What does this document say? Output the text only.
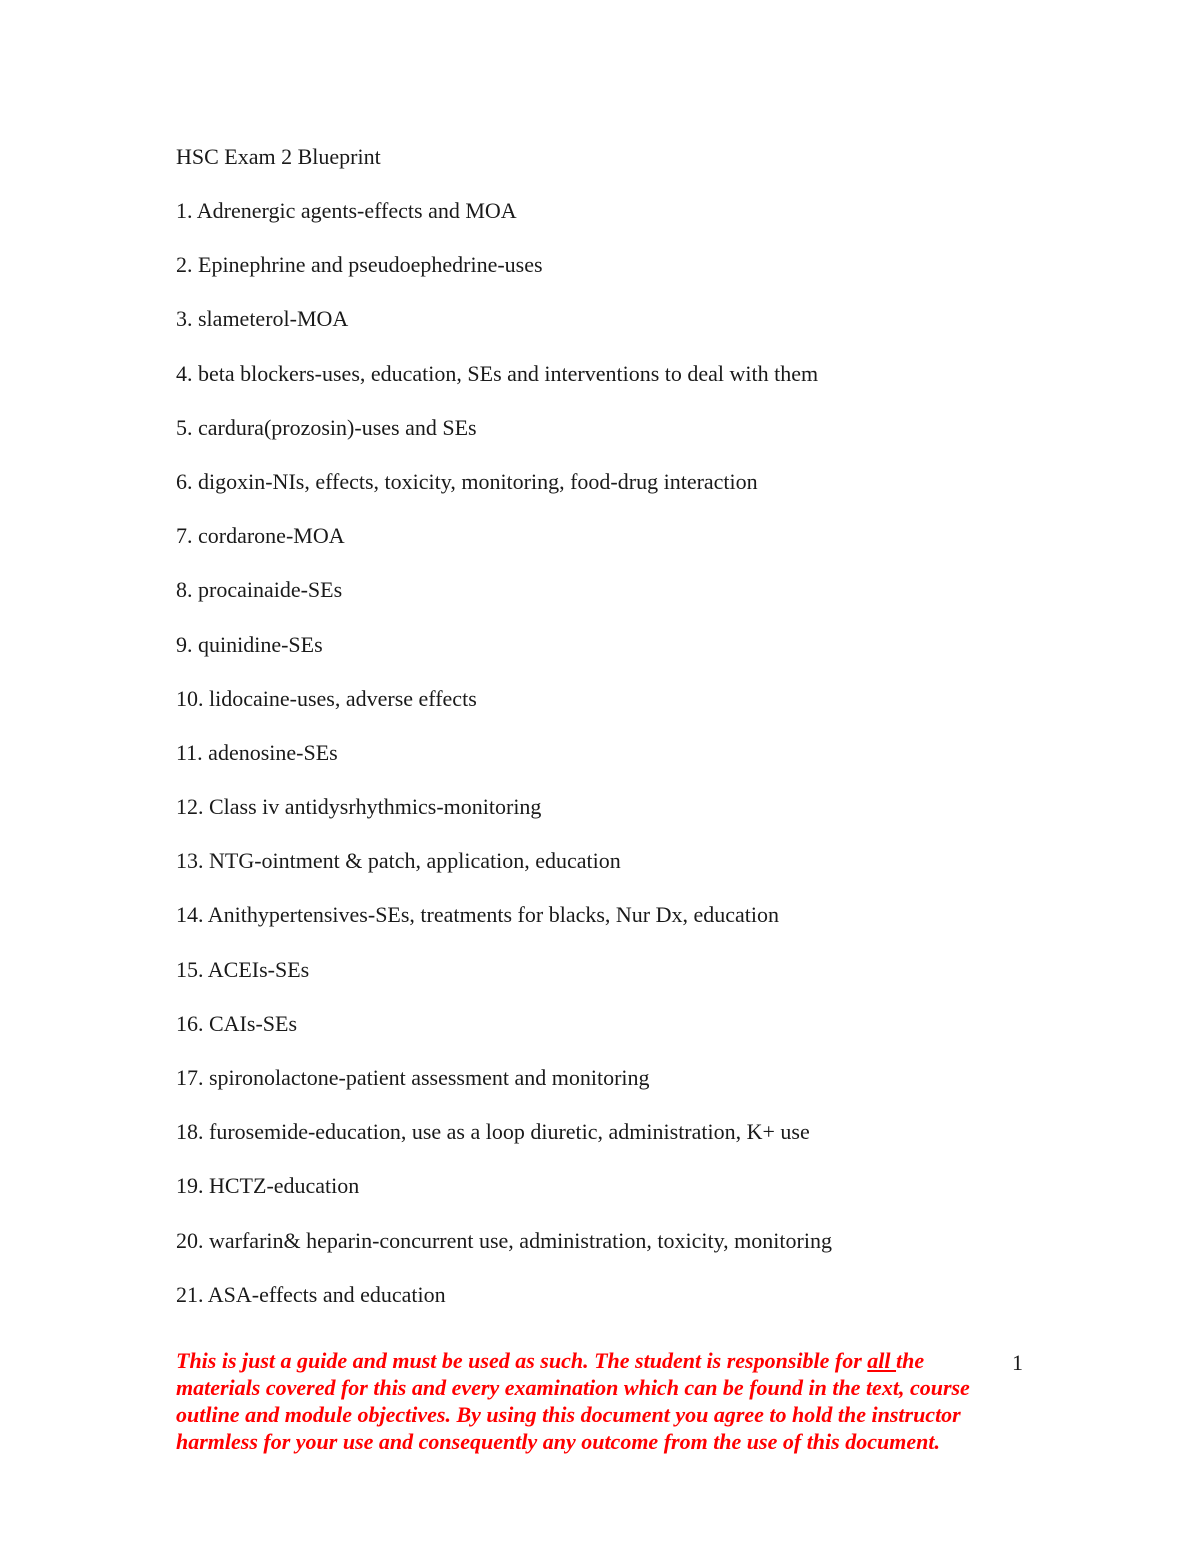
HSC Exam 2 Blueprint
1. Adrenergic agents-effects and MOA
2. Epinephrine and pseudoephedrine-uses
3. slameterol-MOA
4. beta blockers-uses, education, SEs and interventions to deal with them
5. cardura(prozosin)-uses and SEs
6. digoxin-NIs, effects, toxicity, monitoring, food-drug interaction
7. cordarone-MOA
8. procainaide-SEs
9. quinidine-SEs
10. lidocaine-uses, adverse effects
11. adenosine-SEs
12. Class iv antidysrhythmics-monitoring
13. NTG-ointment & patch, application, education
14. Anithypertensives-SEs, treatments for blacks, Nur Dx, education
15. ACEIs-SEs
16. CAIs-SEs
17. spironolactone-patient assessment and monitoring
18. furosemide-education, use as a loop diuretic, administration, K+ use
19. HCTZ-education
20. warfarin& heparin-concurrent use, administration, toxicity, monitoring
21. ASA-effects and education
This is just a guide and must be used as such. The student is responsible for all the materials covered for this and every examination which can be found in the text, course outline and module objectives. By using this document you agree to hold the instructor harmless for your use and consequently any outcome from the use of this document.
1
